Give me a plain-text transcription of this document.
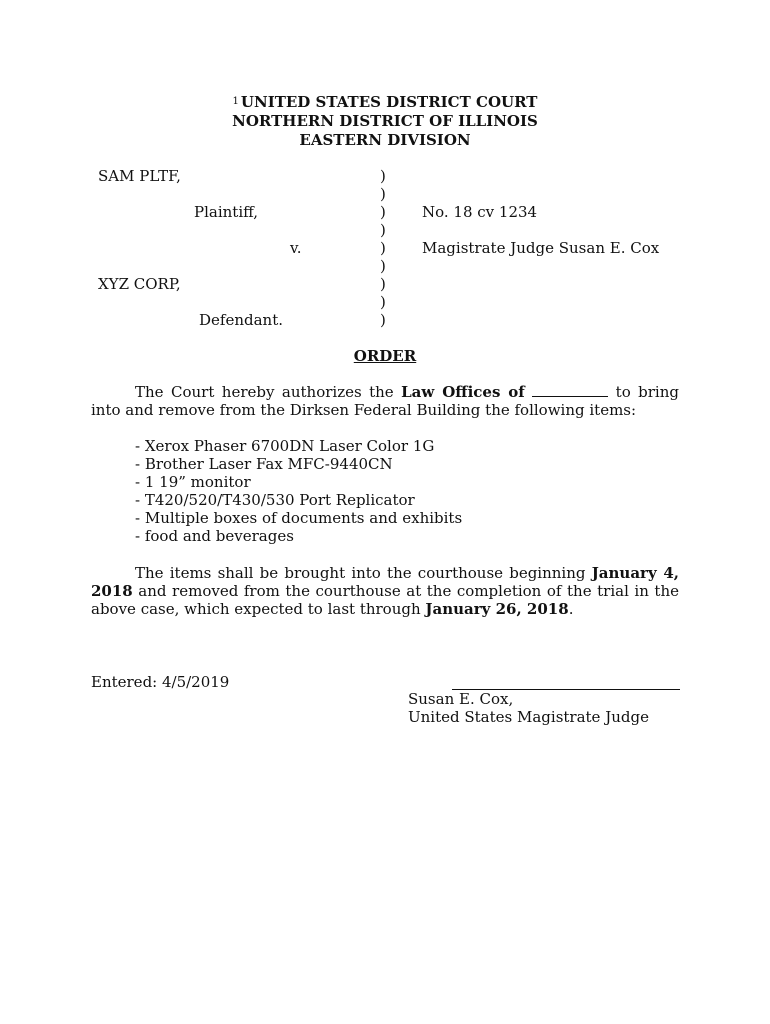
$^1$ UNITED STATES DISTRICT COURT
NORTHERN DISTRICT OF ILLINOIS
EASTERN DIVISION
SAM PLTF,
Plaintiff,
v.
XYZ CORP,
Defendant.
)
)
)
)
)
)
)
)
)
No. 18 cv 1234
Magistrate Judge Susan E. Cox
ORDER
The Court hereby authorizes the Law Offices of	to bring into and remove from the Dirksen Federal Building the following items:
- Xerox Phaser 6700DN Laser Color 1G
- Brother Laser Fax MFC-9440CN
- 1 19” monitor
- T420/520/T430/530 Port Replicator
- Multiple boxes of documents and exhibits
- food and beverages
The items shall be brought into the courthouse beginning January 4, 2018 and removed from the courthouse at the completion of the trial in the above case, which expected to last through January 26, 2018.
Entered: 4/5/2019
Susan E. Cox,
United States Magistrate Judge
